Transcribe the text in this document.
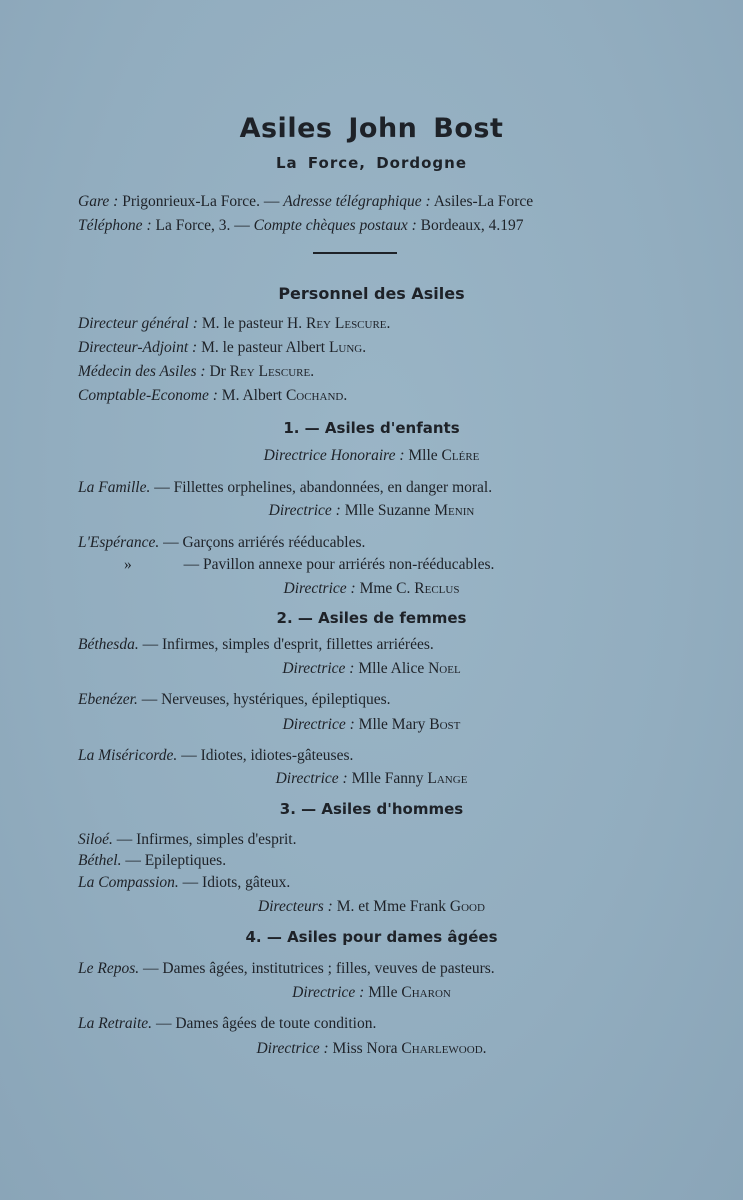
Asiles John Bost
La Force, Dordogne
Gare : Prigonrieux-La Force. — Adresse télégraphique : Asiles-La Force
Téléphone : La Force, 3. — Compte chèques postaux : Bordeaux, 4.197
Personnel des Asiles
Directeur général : M. le pasteur H. Rey Lescure.
Directeur-Adjoint : M. le pasteur Albert Lung.
Médecin des Asiles : Dr Rey Lescure.
Comptable-Econome : M. Albert Cochand.
1. — Asiles d'enfants
Directrice Honoraire : Mlle Clére
La Famille. — Fillettes orphelines, abandonnées, en danger moral.
Directrice : Mlle Suzanne Menin
L'Espérance. — Garçons arriérés rééducables.
»	— Pavillon annexe pour arriérés non-rééducables.
Directrice : Mme C. Reclus
2. — Asiles de femmes
Béthesda. — Infirmes, simples d'esprit, fillettes arriérées.
Directrice : Mlle Alice Noel
Ebenézer. — Nerveuses, hystériques, épileptiques.
Directrice : Mlle Mary Bost
La Miséricorde. — Idiotes, idiotes-gâteuses.
Directrice : Mlle Fanny Lange
3. — Asiles d'hommes
Siloé. — Infirmes, simples d'esprit.
Béthel. — Epileptiques.
La Compassion. — Idiots, gâteux.
Directeurs : M. et Mme Frank Good
4. — Asiles pour dames âgées
Le Repos. — Dames âgées, institutrices ; filles, veuves de pasteurs.
Directrice : Mlle Charon
La Retraite. — Dames âgées de toute condition.
Directrice : Miss Nora Charlewood.
